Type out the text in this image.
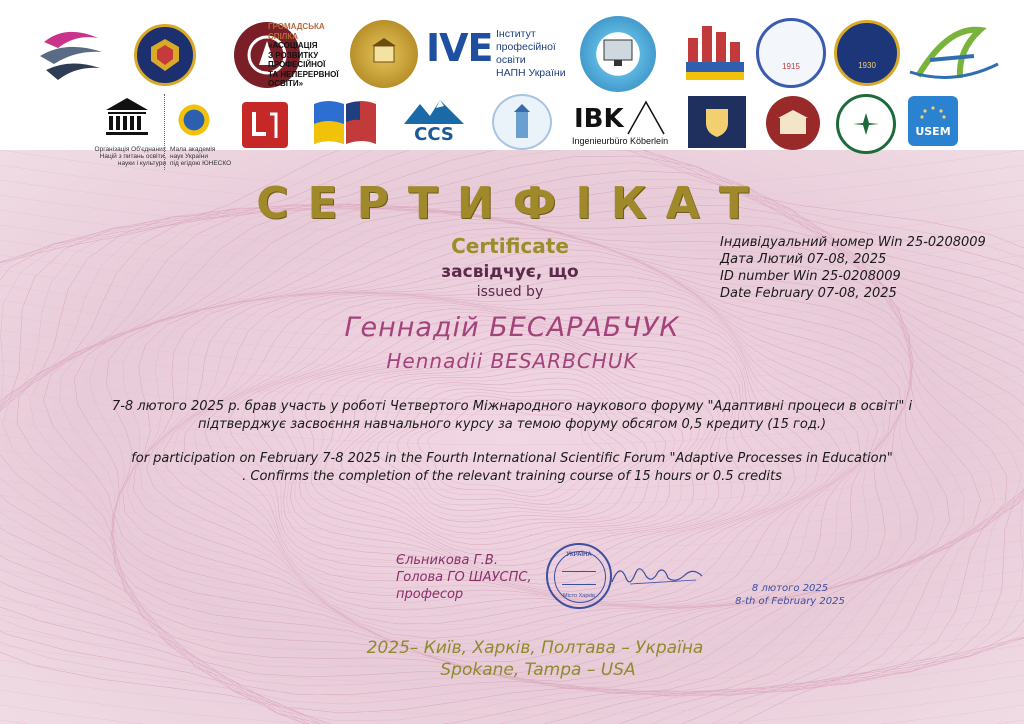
ГРОМАДСЬКА
СПІЛКА
«АСОЦІАЦІЯ
З РОЗВИТКУ
ПРОФЕСІЙНОЇ
ТА НЕПЕРЕРВНОЇ
ОСВІТИ»
IVE Інститут
професійної освіти
НАПН України
1915	1930
Організація Об'єднаних
Націй з питань освіти,
науки і культури
Мала академія
наук України
під егідою ЮНЕСКО
CCS
IBK
Ingenieurbüro Köberlein
USEM
СЕРТИФІКАТ
Certificate
засвідчує, що
issued by
Індивідуальний номер Win 25-0208009
Дата Лютий 07-08, 2025
ID number Win 25-0208009
Date February 07-08, 2025
Геннадій БЕСАРАБЧУК
Hennadii BESARBCHUK
7-8 лютого 2025 р. брав участь у роботі Четвертого Міжнародного наукового форуму "Адаптивні процеси в освіті" і
підтверджує засвоєння навчального курсу за темою форуму обсягом 0,5 кредиту (15 год.)
for participation on February 7-8 2025 in the Fourth International Scientific Forum "Adaptive Processes in Education"
. Confirms the completion of the relevant training course of 15 hours or 0.5 credits
Єльникова Г.В.
Голова ГО ШАУСПС,
професор
УКРАЇНА
Місто Харків
8 лютого 2025
8-th of February 2025
2025– Київ, Харків, Полтава – Україна
Spokane, Tampa – USA
